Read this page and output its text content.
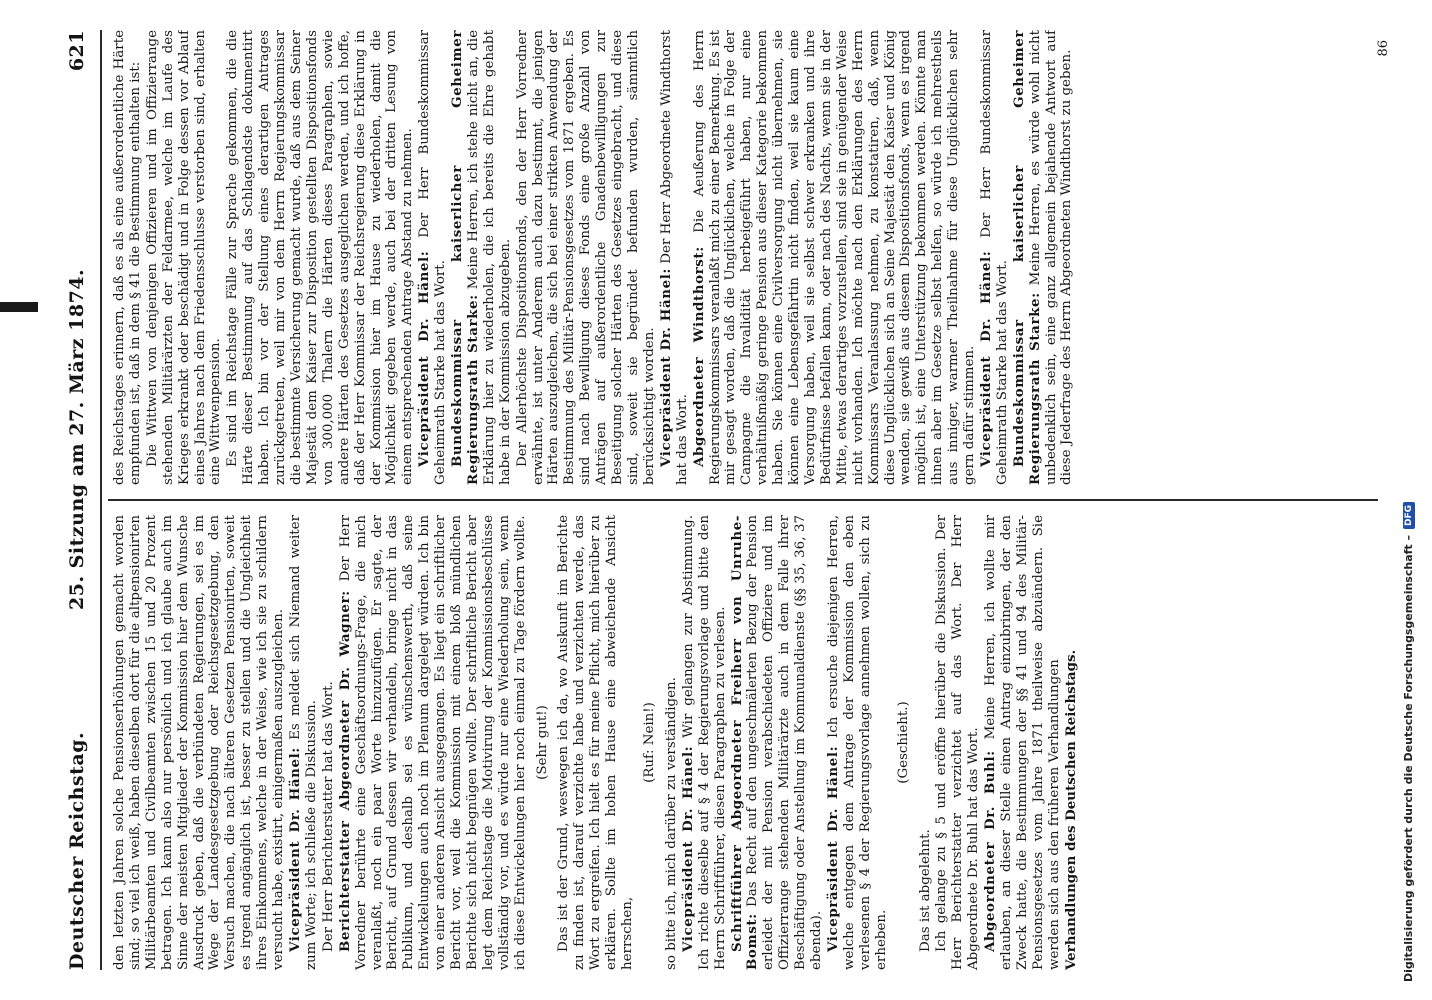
Deutscher Reichstag.
25. Sitzung am 27. März 1874.
621

den letzten Jahren solche Pensionserhöhungen gemacht worden sind; so viel ich weiß, haben dieselben dort für die altpensionirten Militärbeamten und Civilbeamten zwischen 15 und 20 Prozent betragen. Ich kann also nur persönlich und ich glaube auch im Sinne der meisten Mitglieder der Kommission hier dem Wunsche Ausdruck geben, daß die verbündeten Regierungen, sei es im Wege der Landesgesetzgebung oder Reichsgesetzgebung, den Versuch machen, die nach älteren Gesetzen Pensionirten, soweit es irgend angänglich ist, besser zu stellen und die Ungleichheit ihres Einkommens, welche in der Weise, wie ich sie zu schildern versucht habe, existirt, einigermaßen auszugleichen. Vicepräsident Dr. Hänel: Es meldet sich Niemand weiter zum Worte; ich schließe die Diskussion. Der Herr Berichterstatter hat das Wort. Berichterstatter Abgeordneter Dr. Wagner: Der Herr Vorredner berührte eine Geschäftsordnungs-Frage, die mich veranlaßt, noch ein paar Worte hinzuzufügen. Er sagte, der Bericht, auf Grund dessen wir verhandeln, bringe nicht in das Publikum, und deshalb sei es wünschenswerth, daß seine Entwickelungen auch noch im Plenum dargelegt würden. Ich bin von einer anderen Ansicht ausgegangen. Es liegt ein schriftlicher Bericht vor, weil die Kommission mit einem bloß mündlichen Berichte sich nicht begnügen wollte. Der schriftliche Bericht aber legt dem Reichstage die Motivirung der Kommissionsbeschlüsse vollständig vor, und es würde nur eine Wiederholung sein, wenn ich diese Entwickelungen hier noch einmal zu Tage fördern wollte. (Sehr gut!) Das ist der Grund, weswegen ich da, wo Auskunft im Berichte zu finden ist, darauf verzichte habe und verzichten werde, das Wort zu ergreifen. Ich hielt es für meine Pflicht, mich hierüber zu erklären. Sollte im hohen Hause eine abweichende Ansicht herrschen,

(Ruf: Nein!) so bitte ich, mich darüber zu verständigen. Vicepräsident Dr. Hänel: Wir gelangen zur Abstimmung. Ich richte dieselbe auf § 4 der Regierungsvorlage und bitte den Herrn Schriftführer, diesen Paragraphen zu verlesen. Schriftführer Abgeordneter Freiherr von Unruhe-Bomst: Das Recht auf den ungeschmälerten Bezug der Pension erleidet der mit Pension verabschiedeten Offiziere und im Offizierrange stehenden Militärärzte auch in dem Falle ihrer Beschäftigung oder Anstellung im Kommunaldienste (§§ 35, 36, 37 ebenda). Vicepräsident Dr. Hänel: Ich ersuche diejenigen Herren, welche entgegen dem Antrage der Kommission den eben verlesenen § 4 der Regierungsvorlage annehmen wollen, sich zu erheben.

(Geschieht.)

Das ist abgelehnt. Ich gelange zu § 5 und eröffne hierüber die Diskussion. Der Herr Berichterstatter verzichtet auf das Wort. Der Herr Abgeordnete Dr. Buhl hat das Wort. Abgeordneter Dr. Buhl: Meine Herren, ich wollte mir erlauben, an dieser Stelle einen Antrag einzubringen, der den Zweck hatte, die Bestimmungen der §§ 41 und 94 des Militär-Pensionsgesetzes vom Jahre 1871 theilweise abzuändern. Sie werden sich aus den früheren Verhandlungen Verhandlungen des Deutschen Reichstags.

des Reichstages erinnern, daß es als eine außerordentliche Härte empfunden ist, daß in dem § 41 die Bestimmung enthalten ist: Die Wittwen von denjenigen Offizieren und im Offizierrange stehenden Militärärzten der Feldarmee, welche im Laufe des Krieges erkrankt oder beschädigt und in Folge dessen vor Ablauf eines Jahres nach dem Friedensschlusse verstorben sind, erhalten eine Wittwenpension. Es sind im Reichstage Fälle zur Sprache gekommen, die die Härte dieser Bestimmung auf das Schlagendste dokumentirt haben. Ich bin vor der Stellung eines derartigen Antrages zurückgetreten, weil mir von dem Herrn Regierungskommissar die bestimmte Versicherung gemacht wurde, daß aus dem Seiner Majestät dem Kaiser zur Disposition gestellten Dispositionsfonds von 300,000 Thalern die Härten dieses Paragraphen, sowie andere Härten des Gesetzes ausgeglichen werden, und ich hoffe, daß der Herr Kommissar der Reichsregierung diese Erklärung in der Kommission hier im Hause zu wiederholen, damit die Möglichkeit gegeben werde, auch bei der dritten Lesung von einem entsprechenden Antrage Abstand zu nehmen. Vicepräsident Dr. Hänel: Der Herr Bundeskommissar Geheimrath Starke hat das Wort. Bundeskommissar kaiserlicher Geheimer Regierungsrath Starke: Meine Herren, ich stehe nicht an, die Erklärung hier zu wiederholen, die ich bereits die Ehre gehabt habe in der Kommission abzugeben. Der Allerhöchste Dispositionsfonds, den der Herr Vorredner erwähnte, ist unter Anderem auch dazu bestimmt, die jenigen Härten auszugleichen, die sich bei einer strikten Anwendung der Bestimmung des Militär-Pensionsgesetzes vom 1871 ergeben. Es sind nach Bewilligung dieses Fonds eine große Anzahl von Anträgen auf außerordentliche Gnadenbewilligungen zur Beseitigung solcher Härten des Gesetzes eingebracht, und diese sind, soweit sie begründet befunden wurden, sämmtlich berücksichtigt worden. Vicepräsident Dr. Hänel: Der Herr Abgeordnete Windthorst hat das Wort. Abgeordneter Windthorst: Die Aeußerung des Herrn Regierungskommissars veranlaßt mich zu einer Bemerkung. Es ist mir gesagt worden, daß die Unglücklichen, welche in Folge der Campagne die Invalidität herbeigeführt haben, nur eine verhältnißmäßig geringe Pension aus dieser Kategorie bekommen haben. Sie können eine Civilversorgung nicht übernehmen, sie können eine Lebensgefährtin nicht finden, weil sie kaum eine Versorgung haben, weil sie selbst schwer erkranken und ihre Bedürfnisse befallen kann, oder nach des Nachts, wenn sie in der Mitte, etwas derartiges vorzustellen, sind sie in genügender Weise nicht vorhanden. Ich möchte nach den Erklärungen des Herrn Kommissars Veranlassung nehmen, zu konstatiren, daß, wenn diese Unglücklichen sich an Seine Majestät den Kaiser und König wenden, sie gewiß aus diesem Dispositionsfonds, wenn es irgend möglich ist, eine Unterstützung bekommen werden. Könnte man ihnen aber im Gesetze selbst helfen, so würde ich mehrestheils aus inniger, warmer Theilnahme für diese Unglücklichen sehr gern dafür stimmen. Vicepräsident Dr. Hänel: Der Herr Bundeskommissar Geheimrath Starke hat das Wort. Bundeskommissar kaiserlicher Geheimer Regierungsrath Starke: Meine Herren, es würde wohl nicht unbedenklich sein, eine ganz allgemein bejahende Antwort auf diese Jederfrage des Herrn Abgeordneten Windthorst zu geben.

86
Digitalisierung gefördert durch die Deutsche Forschungsgemeinschaft –
DFG
